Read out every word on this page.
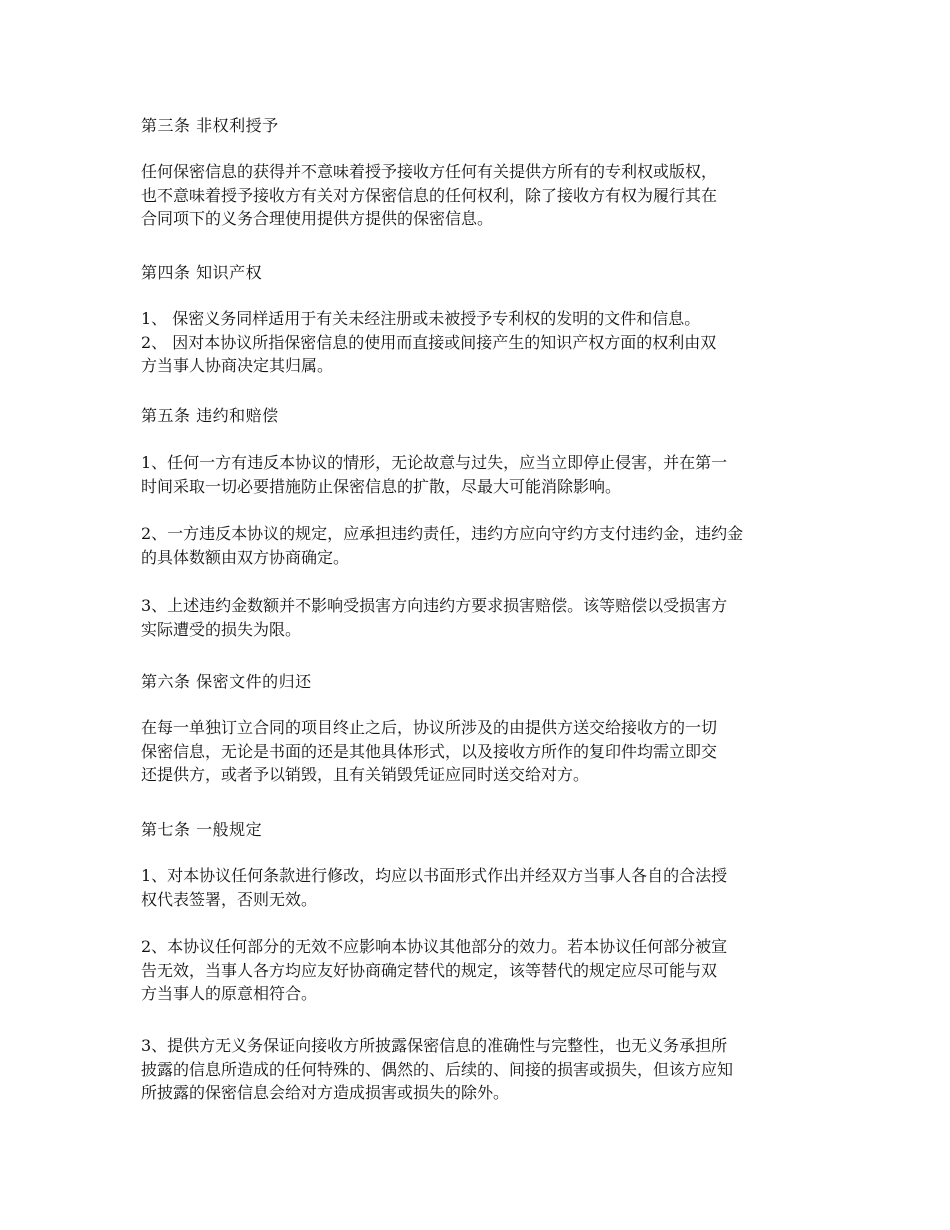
第三条 非权利授予
任何保密信息的获得并不意味着授予接收方任何有关提供方所有的专利权或版权，
也不意味着授予接收方有关对方保密信息的任何权利，除了接收方有权为履行其在
合同项下的义务合理使用提供方提供的保密信息。
第四条 知识产权
1、 保密义务同样适用于有关未经注册或未被授予专利权的发明的文件和信息。
2、 因对本协议所指保密信息的使用而直接或间接产生的知识产权方面的权利由双
方当事人协商决定其归属。
第五条 违约和赔偿
1、任何一方有违反本协议的情形，无论故意与过失，应当立即停止侵害，并在第一
时间采取一切必要措施防止保密信息的扩散，尽最大可能消除影响。
2、一方违反本协议的规定，应承担违约责任，违约方应向守约方支付违约金，违约金
的具体数额由双方协商确定。
3、上述违约金数额并不影响受损害方向违约方要求损害赔偿。该等赔偿以受损害方
实际遭受的损失为限。
第六条 保密文件的归还
在每一单独订立合同的项目终止之后，协议所涉及的由提供方送交给接收方的一切
保密信息，无论是书面的还是其他具体形式，以及接收方所作的复印件均需立即交
还提供方，或者予以销毁，且有关销毁凭证应同时送交给对方。
第七条 一般规定
1、对本协议任何条款进行修改，均应以书面形式作出并经双方当事人各自的合法授
权代表签署，否则无效。
2、本协议任何部分的无效不应影响本协议其他部分的效力。若本协议任何部分被宣
告无效，当事人各方均应友好协商确定替代的规定，该等替代的规定应尽可能与双
方当事人的原意相符合。
3、提供方无义务保证向接收方所披露保密信息的准确性与完整性，也无义务承担所
披露的信息所造成的任何特殊的、偶然的、后续的、间接的损害或损失，但该方应知
所披露的保密信息会给对方造成损害或损失的除外。
